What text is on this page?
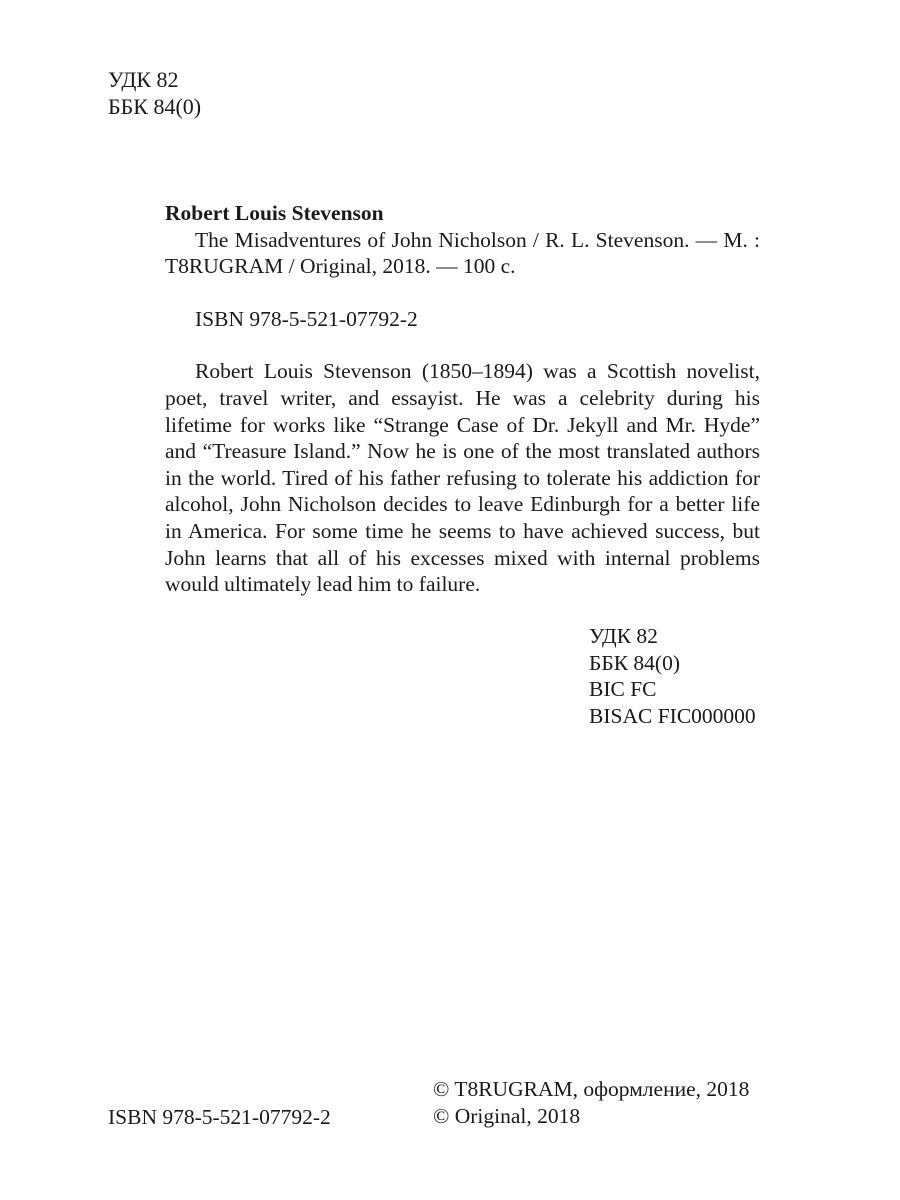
УДК 82
ББК 84(0)
Robert Louis Stevenson

The Misadventures of John Nicholson / R. L. Stevenson. — M. : T8RUGRAM / Original, 2018. — 100 с.

ISBN 978-5-521-07792-2

Robert Louis Stevenson (1850–1894) was a Scottish novelist, poet, travel writer, and essayist. He was a celebrity during his lifetime for works like “Strange Case of Dr. Jekyll and Mr. Hyde” and “Treasure Island.” Now he is one of the most translated authors in the world. Tired of his father refusing to tolerate his addiction for alcohol, John Nicholson decides to leave Edinburgh for a better life in America. For some time he seems to have achieved success, but John learns that all of his excesses mixed with internal problems would ultimately lead him to failure.

УДК 82
ББК 84(0)
BIC FC
BISAC FIC000000
ISBN 978-5-521-07792-2
© T8RUGRAM, оформление, 2018
© Original, 2018
